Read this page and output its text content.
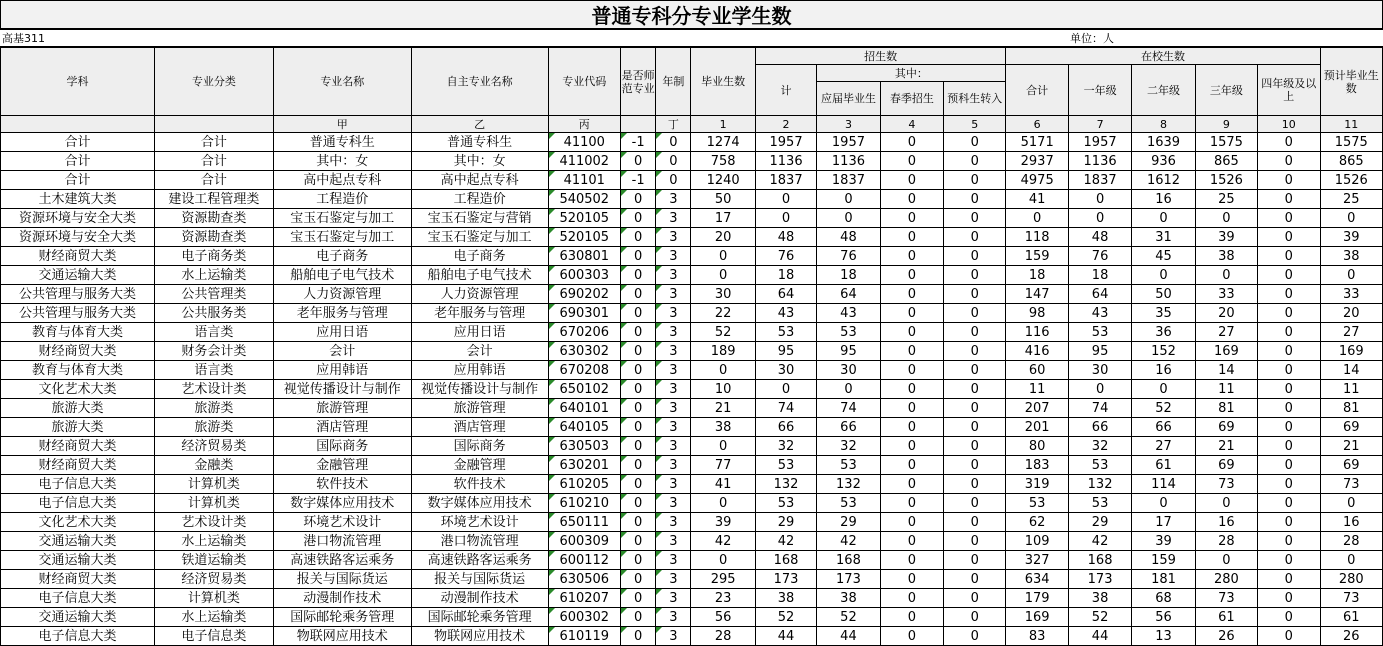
普通专科分专业学生数
高基311	单位：人
学科	专业分类	专业名称	自主专业名称	专业代码	是否师范专业	年制	毕业生数	招生数				在校生数					预计毕业生数
								计	其中：			合计	一年级	二年级	三年级	四年级及以上	
									应届毕业生	春季招生	预科生转入						
		甲	乙	丙		丁	1	2	3	4	5	6	7	8	9	10	11
合计	合计	普通专科生	普通专科生	41100	-1	0	1274	1957	1957	0	0	5171	1957	1639	1575	0	1575
合计	合计	其中：女	其中：女	411002	0	0	758	1136	1136	0	0	2937	1136	936	865	0	865
合计	合计	高中起点专科	高中起点专科	41101	-1	0	1240	1837	1837	0	0	4975	1837	1612	1526	0	1526
土木建筑大类	建设工程管理类	工程造价	工程造价	540502	0	3	50	0	0	0	0	41	0	16	25	0	25
资源环境与安全大类	资源勘查类	宝玉石鉴定与加工	宝玉石鉴定与营销	520105	0	3	17	0	0	0	0	0	0	0	0	0	0
资源环境与安全大类	资源勘查类	宝玉石鉴定与加工	宝玉石鉴定与加工	520105	0	3	20	48	48	0	0	118	48	31	39	0	39
财经商贸大类	电子商务类	电子商务	电子商务	630801	0	3	0	76	76	0	0	159	76	45	38	0	38
交通运输大类	水上运输类	船舶电子电气技术	船舶电子电气技术	600303	0	3	0	18	18	0	0	18	18	0	0	0	0
公共管理与服务大类	公共管理类	人力资源管理	人力资源管理	690202	0	3	30	64	64	0	0	147	64	50	33	0	33
公共管理与服务大类	公共服务类	老年服务与管理	老年服务与管理	690301	0	3	22	43	43	0	0	98	43	35	20	0	20
教育与体育大类	语言类	应用日语	应用日语	670206	0	3	52	53	53	0	0	116	53	36	27	0	27
财经商贸大类	财务会计类	会计	会计	630302	0	3	189	95	95	0	0	416	95	152	169	0	169
教育与体育大类	语言类	应用韩语	应用韩语	670208	0	3	0	30	30	0	0	60	30	16	14	0	14
文化艺术大类	艺术设计类	视觉传播设计与制作	视觉传播设计与制作	650102	0	3	10	0	0	0	0	11	0	0	11	0	11
旅游大类	旅游类	旅游管理	旅游管理	640101	0	3	21	74	74	0	0	207	74	52	81	0	81
旅游大类	旅游类	酒店管理	酒店管理	640105	0	3	38	66	66	0	0	201	66	66	69	0	69
财经商贸大类	经济贸易类	国际商务	国际商务	630503	0	3	0	32	32	0	0	80	32	27	21	0	21
财经商贸大类	金融类	金融管理	金融管理	630201	0	3	77	53	53	0	0	183	53	61	69	0	69
电子信息大类	计算机类	软件技术	软件技术	610205	0	3	41	132	132	0	0	319	132	114	73	0	73
电子信息大类	计算机类	数字媒体应用技术	数字媒体应用技术	610210	0	3	0	53	53	0	0	53	53	0	0	0	0
文化艺术大类	艺术设计类	环境艺术设计	环境艺术设计	650111	0	3	39	29	29	0	0	62	29	17	16	0	16
交通运输大类	水上运输类	港口物流管理	港口物流管理	600309	0	3	42	42	42	0	0	109	42	39	28	0	28
交通运输大类	铁道运输类	高速铁路客运乘务	高速铁路客运乘务	600112	0	3	0	168	168	0	0	327	168	159	0	0	0
财经商贸大类	经济贸易类	报关与国际货运	报关与国际货运	630506	0	3	295	173	173	0	0	634	173	181	280	0	280
电子信息大类	计算机类	动漫制作技术	动漫制作技术	610207	0	3	23	38	38	0	0	179	38	68	73	0	73
交通运输大类	水上运输类	国际邮轮乘务管理	国际邮轮乘务管理	600302	0	3	56	52	52	0	0	169	52	56	61	0	61
电子信息大类	电子信息类	物联网应用技术	物联网应用技术	610119	0	3	28	44	44	0	0	83	44	13	26	0	26
